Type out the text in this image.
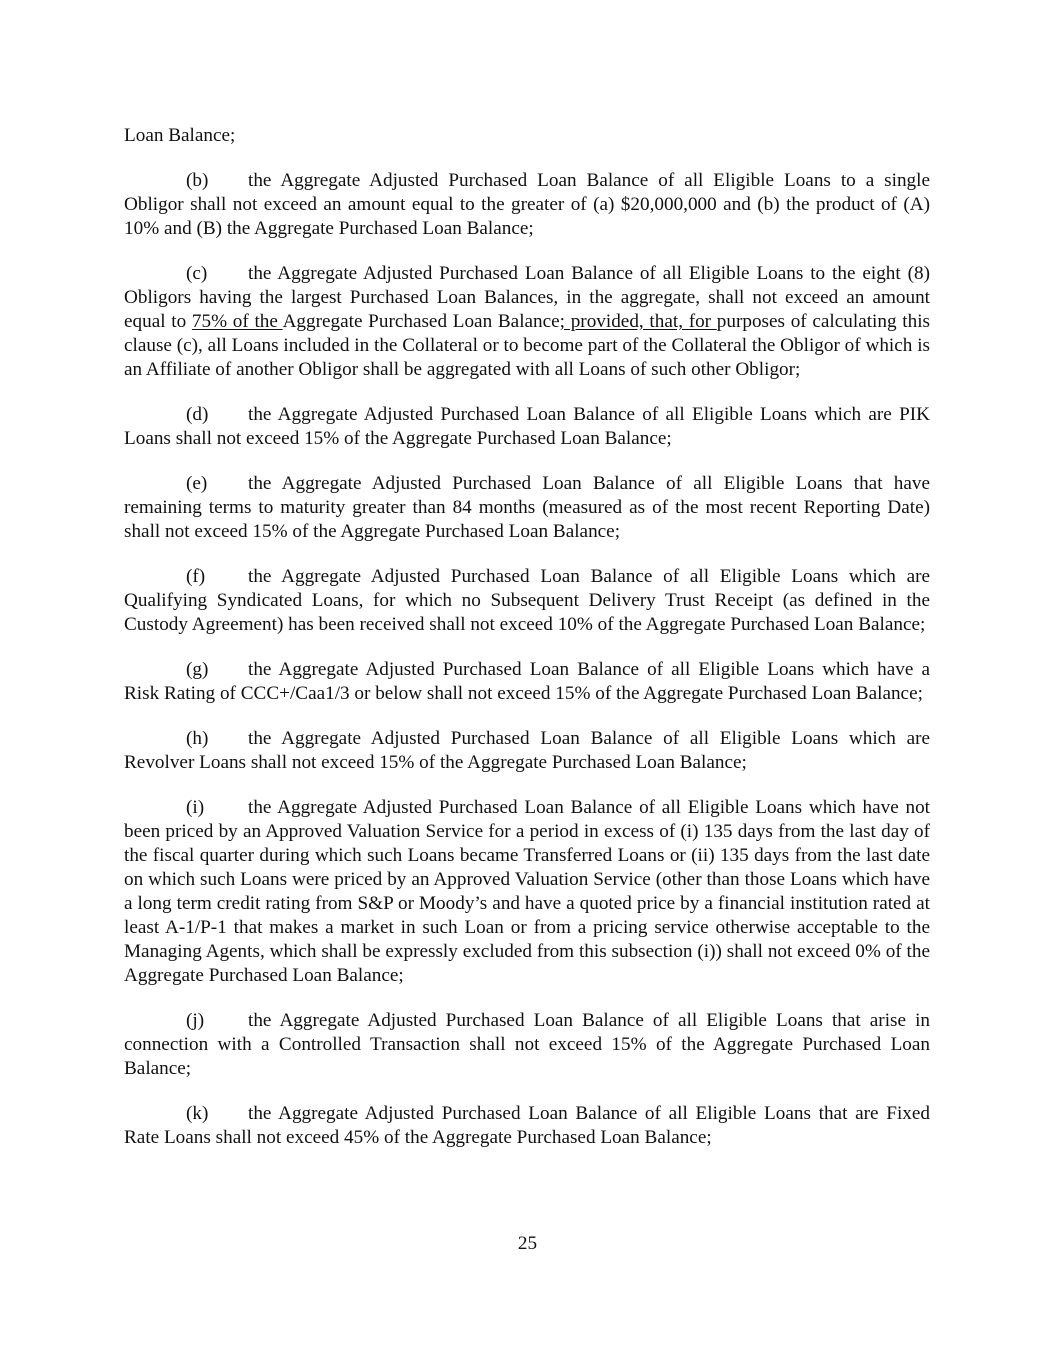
Loan Balance;

(b) the Aggregate Adjusted Purchased Loan Balance of all Eligible Loans to a single Obligor shall not exceed an amount equal to the greater of (a) $20,000,000 and (b) the product of (A) 10% and (B) the Aggregate Purchased Loan Balance;

(c) the Aggregate Adjusted Purchased Loan Balance of all Eligible Loans to the eight (8) Obligors having the largest Purchased Loan Balances, in the aggregate, shall not exceed an amount equal to 75% of the Aggregate Purchased Loan Balance; provided, that, for purposes of calculating this clause (c), all Loans included in the Collateral or to become part of the Collateral the Obligor of which is an Affiliate of another Obligor shall be aggregated with all Loans of such other Obligor;

(d) the Aggregate Adjusted Purchased Loan Balance of all Eligible Loans which are PIK Loans shall not exceed 15% of the Aggregate Purchased Loan Balance;

(e) the Aggregate Adjusted Purchased Loan Balance of all Eligible Loans that have remaining terms to maturity greater than 84 months (measured as of the most recent Reporting Date) shall not exceed 15% of the Aggregate Purchased Loan Balance;

(f) the Aggregate Adjusted Purchased Loan Balance of all Eligible Loans which are Qualifying Syndicated Loans, for which no Subsequent Delivery Trust Receipt (as defined in the Custody Agreement) has been received shall not exceed 10% of the Aggregate Purchased Loan Balance;

(g) the Aggregate Adjusted Purchased Loan Balance of all Eligible Loans which have a Risk Rating of CCC+/Caa1/3 or below shall not exceed 15% of the Aggregate Purchased Loan Balance;

(h) the Aggregate Adjusted Purchased Loan Balance of all Eligible Loans which are Revolver Loans shall not exceed 15% of the Aggregate Purchased Loan Balance;

(i) the Aggregate Adjusted Purchased Loan Balance of all Eligible Loans which have not been priced by an Approved Valuation Service for a period in excess of (i) 135 days from the last day of the fiscal quarter during which such Loans became Transferred Loans or (ii) 135 days from the last date on which such Loans were priced by an Approved Valuation Service (other than those Loans which have a long term credit rating from S&P or Moody’s and have a quoted price by a financial institution rated at least A-1/P-1 that makes a market in such Loan or from a pricing service otherwise acceptable to the Managing Agents, which shall be expressly excluded from this subsection (i)) shall not exceed 0% of the Aggregate Purchased Loan Balance;

(j) the Aggregate Adjusted Purchased Loan Balance of all Eligible Loans that arise in connection with a Controlled Transaction shall not exceed 15% of the Aggregate Purchased Loan Balance;

(k) the Aggregate Adjusted Purchased Loan Balance of all Eligible Loans that are Fixed Rate Loans shall not exceed 45% of the Aggregate Purchased Loan Balance;

25
